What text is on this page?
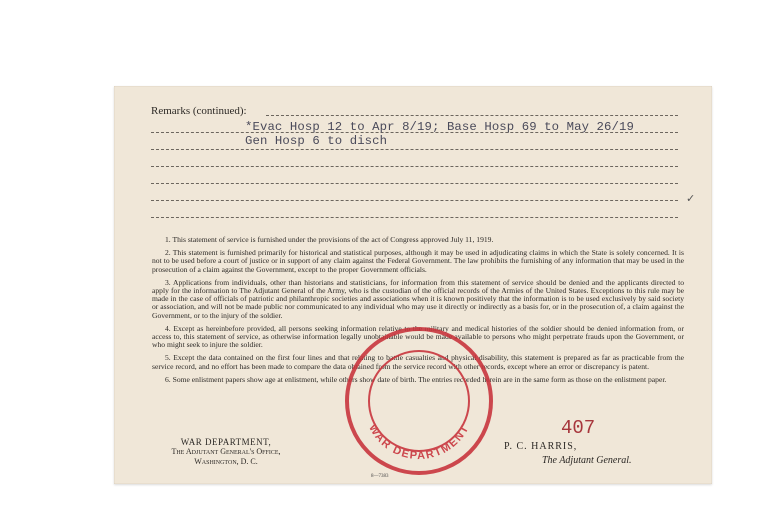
Remarks (continued):
*Evac Hosp 12 to Apr 8/19; Base Hosp 69 to May 26/19
Gen Hosp 6 to disch
✓

1. This statement of service is furnished under the provisions of the act of Congress approved July 11, 1919.

2. This statement is furnished primarily for historical and statistical purposes, although it may be used in adjudicating claims in which the State is solely concerned. It is not to be used before a court of justice or in support of any claim against the Federal Government. The law prohibits the furnishing of any information that may be used in the prosecution of a claim against the Government, except to the proper Government officials.

3. Applications from individuals, other than historians and statisticians, for information from this statement of service should be denied and the applicants directed to apply for the information to The Adjutant General of the Army, who is the custodian of the official records of the Armies of the United States. Exceptions to this rule may be made in the case of officials of patriotic and philanthropic societies and associations when it is known positively that the information is to be used exclusively by said society or association, and will not be made public nor communicated to any individual who may use it directly or indirectly as a basis for, or in the prosecution of, a claim against the Government, or to the injury of the soldier.

4. Except as hereinbefore provided, all persons seeking information relative to the military and medical histories of the soldier should be denied information from, or access to, this statement of service, as otherwise information legally unobtainable would be made available to persons who might perpetrate frauds upon the Government, or who might seek to injure the soldier.

5. Except the data contained on the first four lines and that relating to battle casualties and physical disability, this statement is prepared as far as practicable from the service record, and no effort has been made to compare the data obtained from the service record with other records, except where an error or discrepancy is patent.

6. Some enlistment papers show age at enlistment, while others show date of birth. The entries recorded herein are in the same form as those on the enlistment paper.

WAR DEPARTMENT	407
WAR DEPARTMENT,
The Adjutant General's Office,
Washington, D. C.
P. C. HARRIS,
The Adjutant General.
8—7383
